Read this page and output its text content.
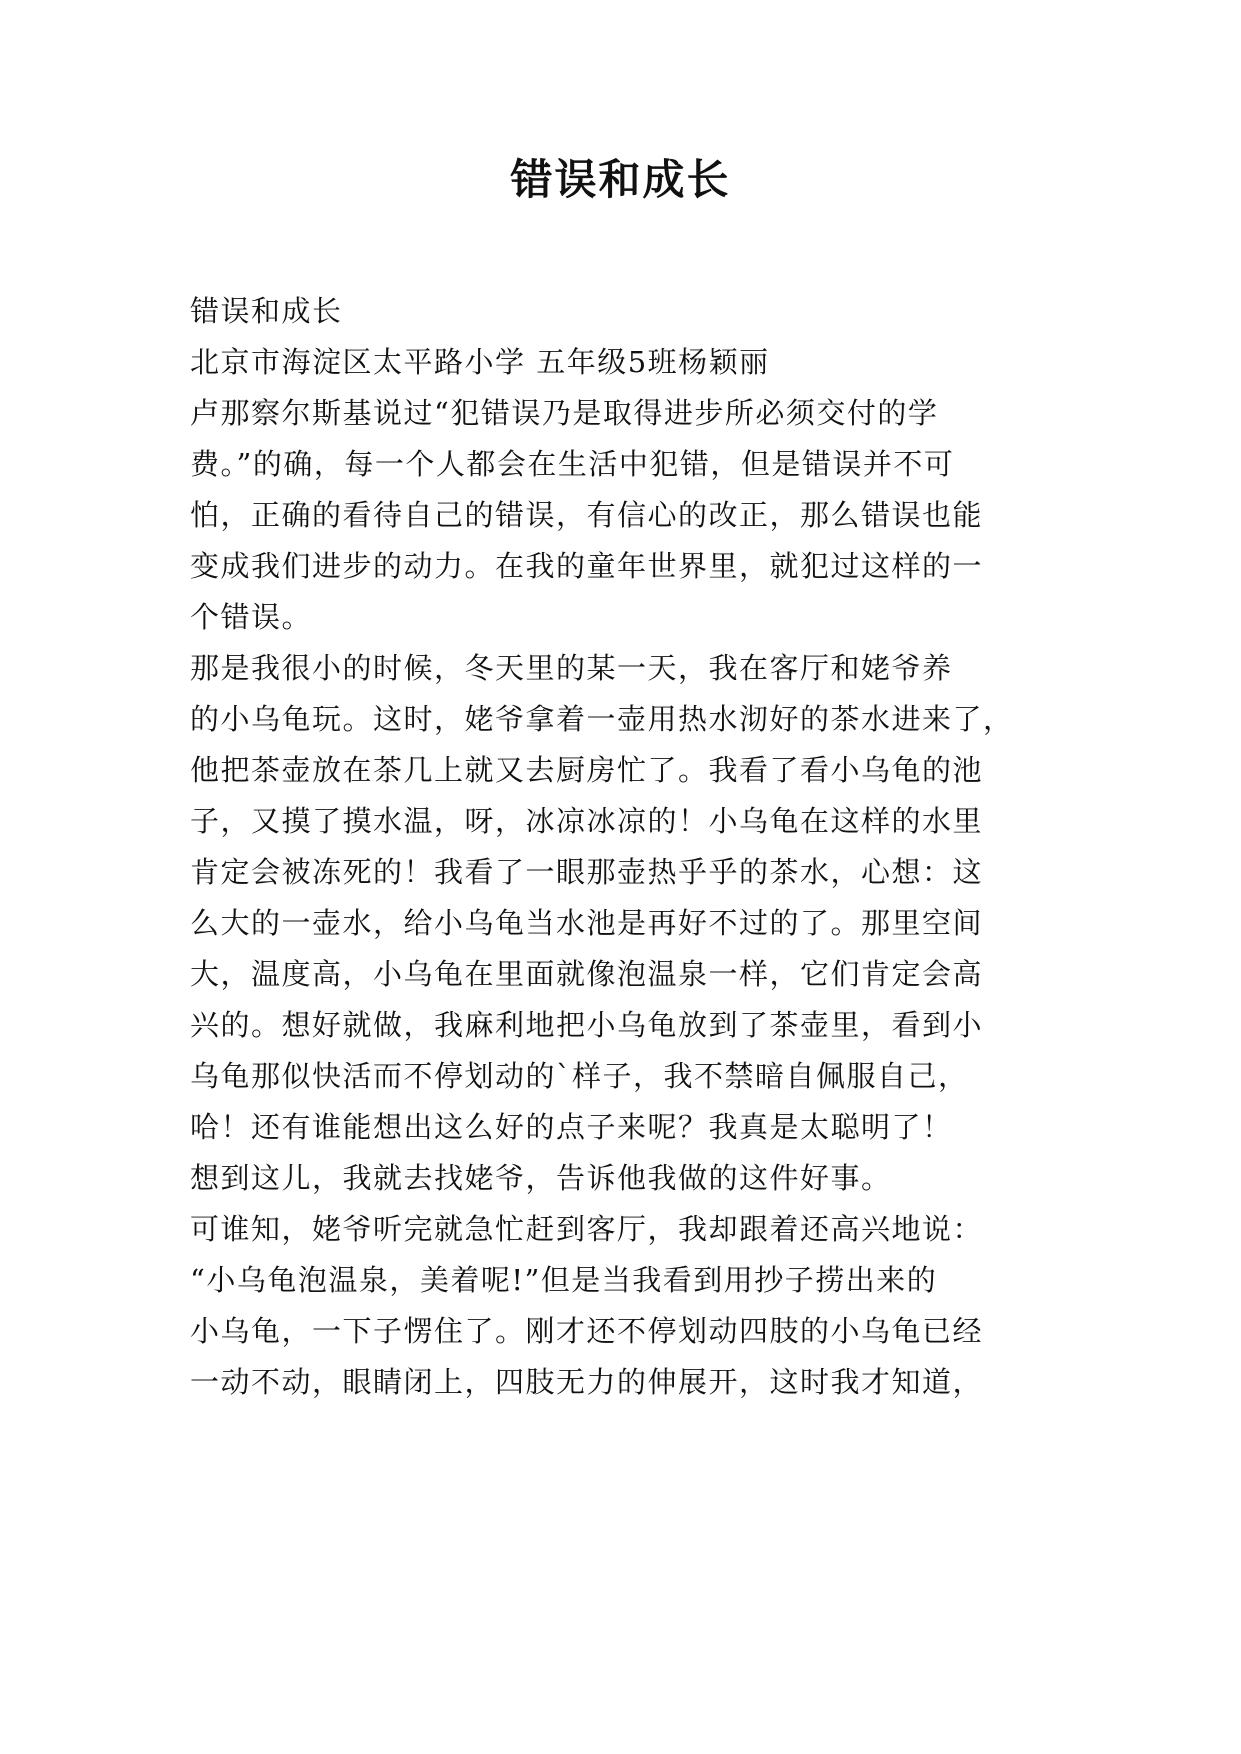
错误和成长
错误和成长
北京市海淀区太平路小学 五年级5班杨颖丽
卢那察尔斯基说过“犯错误乃是取得进步所必须交付的学
费。”的确，每一个人都会在生活中犯错，但是错误并不可
怕，正确的看待自己的错误，有信心的改正，那么错误也能
变成我们进步的动力。在我的童年世界里，就犯过这样的一
个错误。
那是我很小的时候，冬天里的某一天，我在客厅和姥爷养
的小乌龟玩。这时，姥爷拿着一壶用热水沏好的茶水进来了，
他把茶壶放在茶几上就又去厨房忙了。我看了看小乌龟的池
子，又摸了摸水温，呀，冰凉冰凉的！小乌龟在这样的水里
肯定会被冻死的！我看了一眼那壶热乎乎的茶水，心想：这
么大的一壶水，给小乌龟当水池是再好不过的了。那里空间
大，温度高，小乌龟在里面就像泡温泉一样，它们肯定会高
兴的。想好就做，我麻利地把小乌龟放到了茶壶里，看到小
乌龟那似快活而不停划动的`样子，我不禁暗自佩服自己，
哈！还有谁能想出这么好的点子来呢？我真是太聪明了！
想到这儿，我就去找姥爷，告诉他我做的这件好事。
可谁知，姥爷听完就急忙赶到客厅，我却跟着还高兴地说：
“小乌龟泡温泉，美着呢!”但是当我看到用抄子捞出来的
小乌龟，一下子愣住了。刚才还不停划动四肢的小乌龟已经
一动不动，眼睛闭上，四肢无力的伸展开，这时我才知道，
